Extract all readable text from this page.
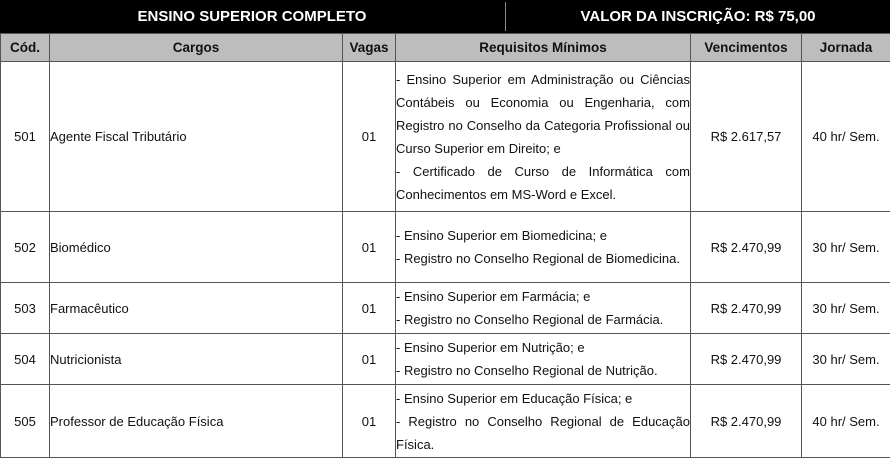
ENSINO SUPERIOR COMPLETO	VALOR DA INSCRIÇÃO: R$ 75,00
Cód.	Cargos	Vagas	Requisitos Mínimos	Vencimentos	Jornada
501	Agente Fiscal Tributário	01	- Ensino Superior em Administração ou Ciências Contábeis ou Economia ou Engenharia, com Registro no Conselho da Categoria Profissional ou Curso Superior em Direito; e
- Certificado de Curso de Informática com Conhecimentos em MS-Word e Excel.	R$ 2.617,57	40 hr/ Sem.
502	Biomédico	01	- Ensino Superior em Biomedicina; e
- Registro no Conselho Regional de Biomedicina.	R$ 2.470,99	30 hr/ Sem.
503	Farmacêutico	01	- Ensino Superior em Farmácia; e
- Registro no Conselho Regional de Farmácia.	R$ 2.470,99	30 hr/ Sem.
504	Nutricionista	01	- Ensino Superior em Nutrição; e
- Registro no Conselho Regional de Nutrição.	R$ 2.470,99	30 hr/ Sem.
505	Professor de Educação Física	01	- Ensino Superior em Educação Física; e
- Registro no Conselho Regional de Educação Física.	R$ 2.470,99	40 hr/ Sem.
